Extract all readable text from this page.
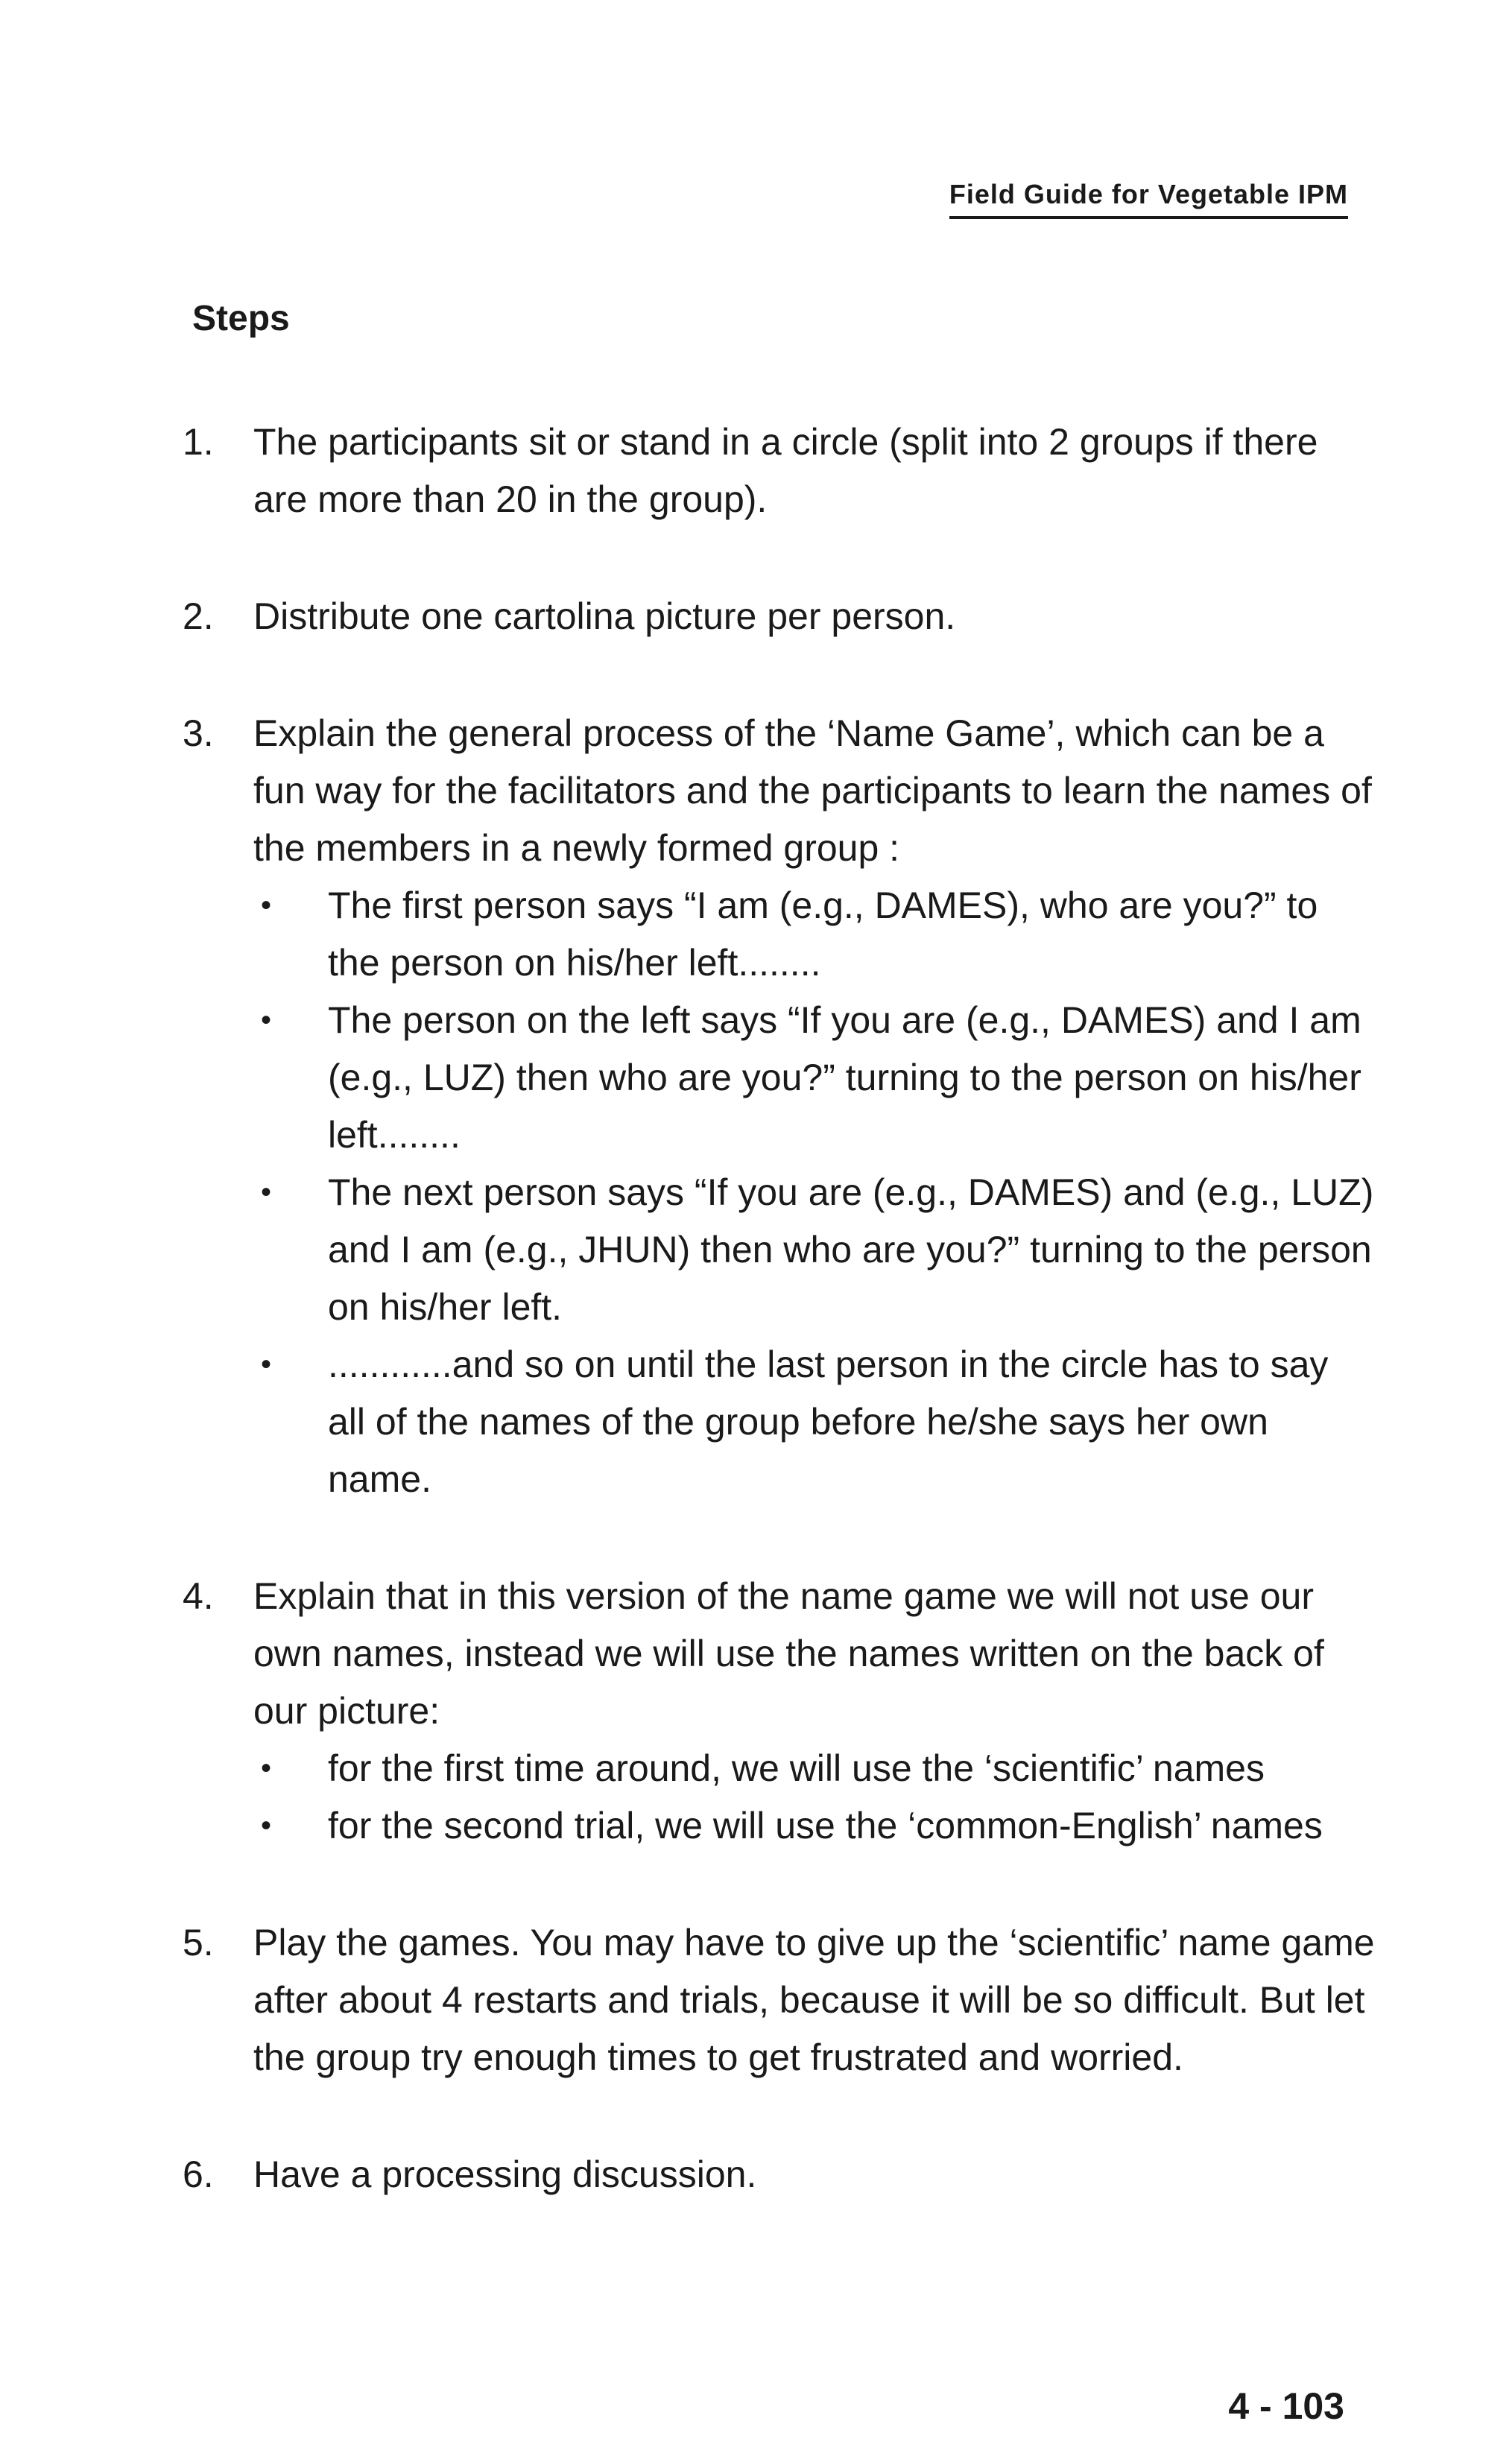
Field Guide for Vegetable IPM
Steps
1.	The participants sit or stand in a circle (split into 2 groups if there are more than 20 in the group).
2.	Distribute one cartolina picture per person.
3.	Explain the general process of the ‘Name Game’, which can be a fun way for the facilitators and the participants to learn the names of the members in a newly formed group :
• The first person says “I am (e.g., DAMES), who are you?” to the person on his/her left........
• The person on the left says “If you are (e.g., DAMES) and I am (e.g., LUZ) then who are you?” turning to the person on his/her left........
• The next person says “If you are (e.g., DAMES) and (e.g., LUZ) and I am (e.g., JHUN) then who are you?” turning to the person on his/her left.
• ............and so on until the last person in the circle has to say all of the names of the group before he/she says her own name.
4.	Explain that in this version of the name game we will not use our own names, instead we will use the names written on the back of our picture:
• for the first time around, we will use the ‘scientific’ names
• for the second trial, we will use the ‘common-English’ names
5.	Play the games. You may have to give up the ‘scientific’ name game after about 4 restarts and trials, because it will be so difficult. But let the group try enough times to get frustrated and worried.
6.	Have a processing discussion.
4 - 103
